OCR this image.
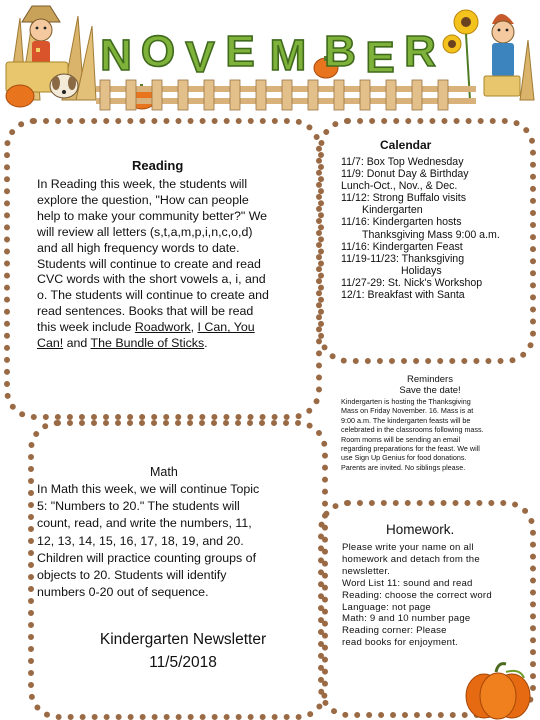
N O V E M B E R
Reading
In Reading this week, the students will
explore the question, "How can people
help to make your community better?" We
will review all letters (s,t,a,m,p,i,n,c,o,d)
and all high frequency words to date.
Students will continue to create and read
CVC words with the short vowels a, i, and
o. The students will continue to create and
read sentences. Books that will be read
this week include Roadwork, I Can, You
Can! and The Bundle of Sticks.
Math
In Math this week, we will continue Topic
5: "Numbers to 20." The students will
count, read, and write the numbers, 11,
12, 13, 14, 15, 16, 17, 18, 19, and 20.
Children will practice counting groups of
objects to 20. Students will identify
numbers 0-20 out of sequence.
Kindergarten Newsletter
11/5/2018
Calendar
11/7: Box Top Wednesday
11/9: Donut Day & Birthday
Lunch-Oct., Nov., & Dec.
11/12: Strong Buffalo visits
Kindergarten
11/16: Kindergarten hosts
Thanksgiving Mass 9:00 a.m.
11/16: Kindergarten Feast
11/19-11/23: Thanksgiving
Holidays
11/27-29: St. Nick's Workshop
12/1: Breakfast with Santa
Reminders
Save the date!
Kindergarten is hosting the Thanksgiving
Mass on Friday November. 16. Mass is at
9:00 a.m. The kindergarten feasts will be
celebrated in the classrooms following mass.
Room moms will be sending an email
regarding preparations for the feast. We will
use Sign Up Genius for food donations.
Parents are invited. No siblings please.
Homework.
Please write your name on all
homework and detach from the
newsletter.
Word List 11: sound and read
Reading: choose the correct word
Language: not page
Math: 9 and 10 number page
Reading corner: Please
read books for enjoyment.
